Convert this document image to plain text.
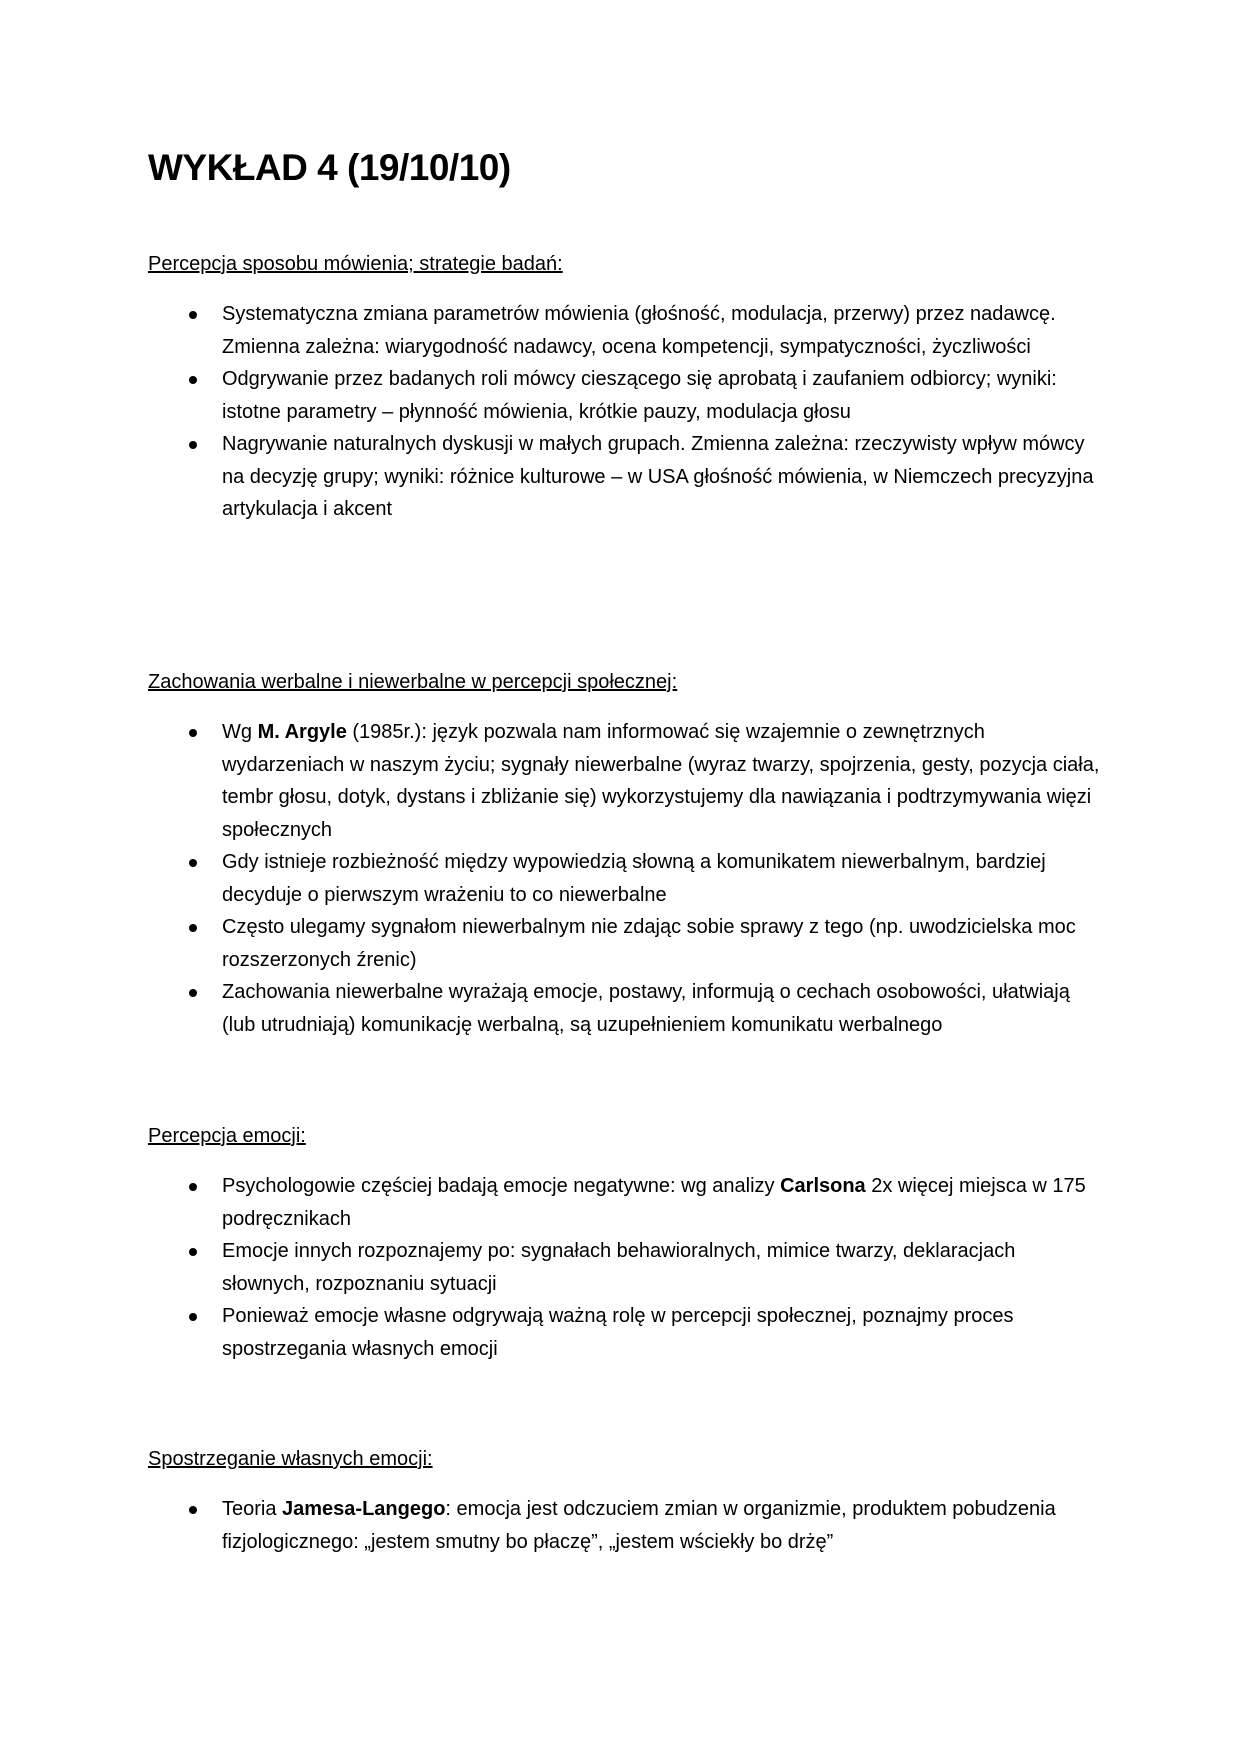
WYKŁAD 4 (19/10/10)
Percepcja sposobu mówienia; strategie badań:
Systematyczna zmiana parametrów mówienia (głośność, modulacja, przerwy) przez nadawcę. Zmienna zależna: wiarygodność nadawcy, ocena kompetencji, sympatyczności, życzliwości
Odgrywanie przez badanych roli mówcy cieszącego się aprobatą i zaufaniem odbiorcy; wyniki: istotne parametry – płynność mówienia, krótkie pauzy, modulacja głosu
Nagrywanie naturalnych dyskusji w małych grupach. Zmienna zależna: rzeczywisty wpływ mówcy na decyzję grupy; wyniki: różnice kulturowe – w USA głośność mówienia, w Niemczech precyzyjna artykulacja i akcent
Zachowania werbalne i niewerbalne w percepcji społecznej:
Wg M. Argyle (1985r.): język pozwala nam informować się wzajemnie o zewnętrznych wydarzeniach w naszym życiu; sygnały niewerbalne (wyraz twarzy, spojrzenia, gesty, pozycja ciała, tembr głosu, dotyk, dystans i zbliżanie się) wykorzystujemy dla nawiązania i podtrzymywania więzi społecznych
Gdy istnieje rozbieżność między wypowiedzią słowną a komunikatem niewerbalnym, bardziej decyduje o pierwszym wrażeniu to co niewerbalne
Często ulegamy sygnałom niewerbalnym nie zdając sobie sprawy z tego (np. uwodzicielska moc rozszerzonych źrenic)
Zachowania niewerbalne wyrażają emocje, postawy, informują o cechach osobowości, ułatwiają (lub utrudniają) komunikację werbalną, są uzupełnieniem komunikatu werbalnego
Percepcja emocji:
Psychologowie częściej badają emocje negatywne: wg analizy Carlsona 2x więcej miejsca w 175 podręcznikach
Emocje innych rozpoznajemy po: sygnałach behawioralnych, mimice twarzy, deklaracjach słownych, rozpoznaniu sytuacji
Ponieważ emocje własne odgrywają ważną rolę w percepcji społecznej, poznajmy proces spostrzegania własnych emocji
Spostrzeganie własnych emocji:
Teoria Jamesa-Langego: emocja jest odczuciem zmian w organizmie, produktem pobudzenia fizjologicznego: „jestem smutny bo płaczę”, „jestem wściekły bo drżę”
